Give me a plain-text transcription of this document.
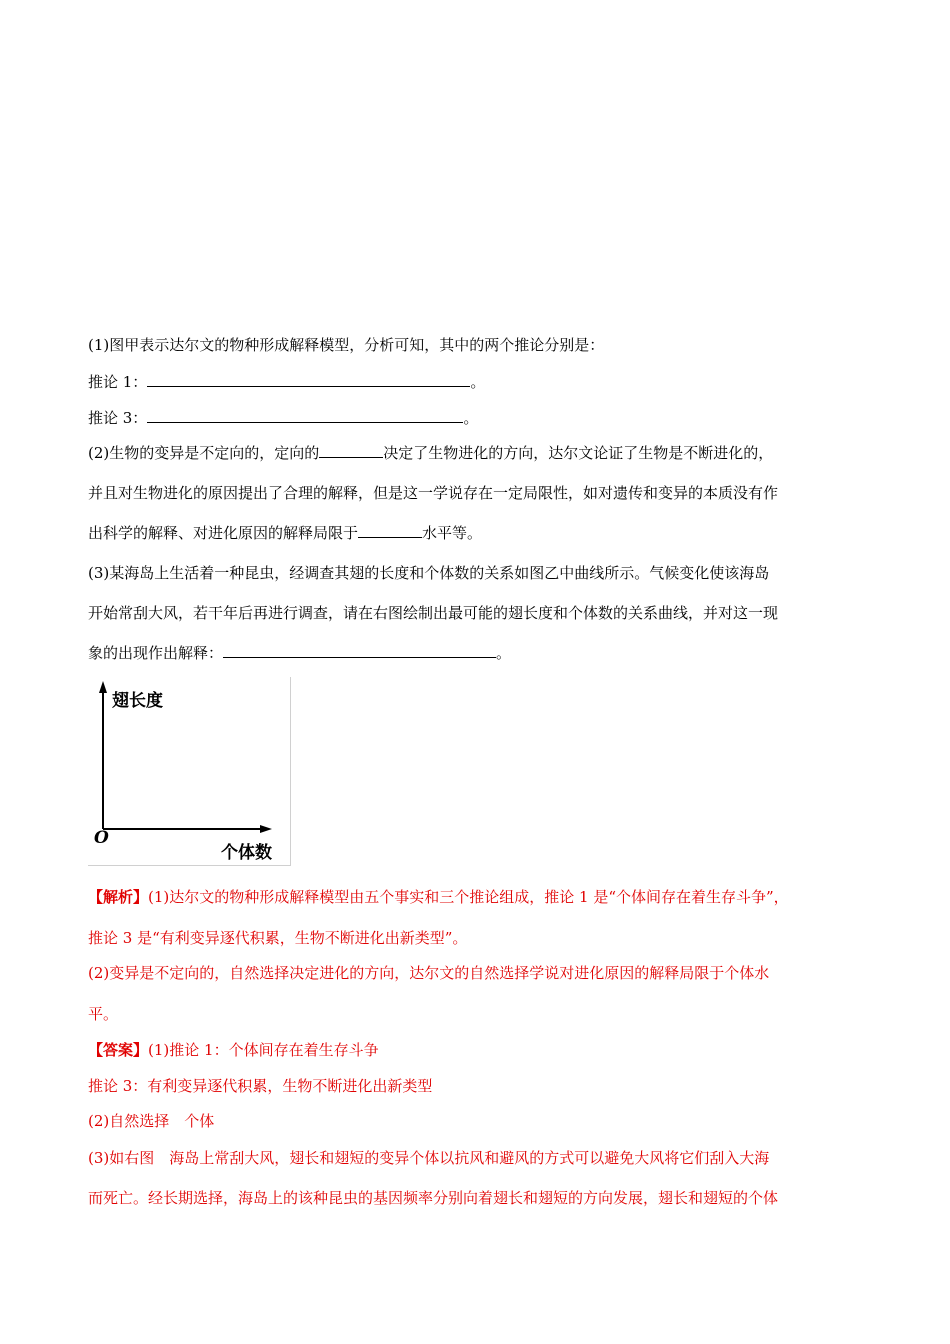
(1)图甲表示达尔文的物种形成解释模型，分析可知，其中的两个推论分别是：
推论 1：	。
推论 3：	。
(2)生物的变异是不定向的，定向的	决定了生物进化的方向，达尔文论证了生物是不断进化的，
并且对生物进化的原因提出了合理的解释，但是这一学说存在一定局限性，如对遗传和变异的本质没有作
出科学的解释、对进化原因的解释局限于	水平等。
(3)某海岛上生活着一种昆虫，经调查其翅的长度和个体数的关系如图乙中曲线所示。气候变化使该海岛
开始常刮大风，若干年后再进行调查，请在右图绘制出最可能的翅长度和个体数的关系曲线，并对这一现
象的出现作出解释：	。
翅长度
O
个体数
【解析】(1)达尔文的物种形成解释模型由五个事实和三个推论组成，推论 1 是“个体间存在着生存斗争”，
推论 3 是“有利变异逐代积累，生物不断进化出新类型”。
(2)变异是不定向的，自然选择决定进化的方向，达尔文的自然选择学说对进化原因的解释局限于个体水
平。
【答案】(1)推论 1：个体间存在着生存斗争
推论 3：有利变异逐代积累，生物不断进化出新类型
(2)自然选择　个体
(3)如右图　海岛上常刮大风，翅长和翅短的变异个体以抗风和避风的方式可以避免大风将它们刮入大海
而死亡。经长期选择，海岛上的该种昆虫的基因频率分别向着翅长和翅短的方向发展，翅长和翅短的个体
